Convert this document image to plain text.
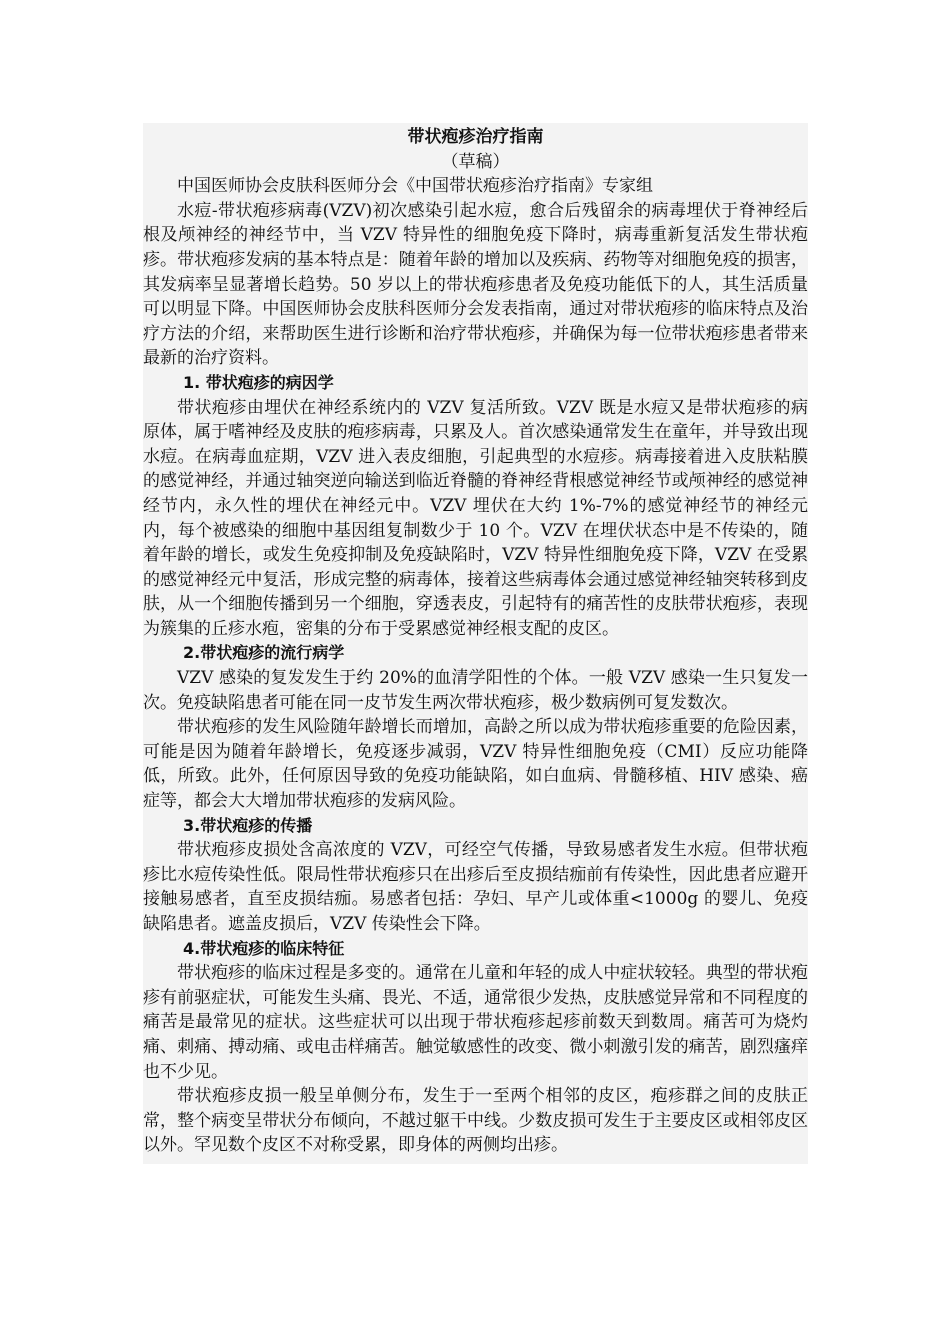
带状疱疹治疗指南

（草稿）

中国医师协会皮肤科医师分会《中国带状疱疹治疗指南》专家组

水痘-带状疱疹病毒(VZV)初次感染引起水痘，愈合后残留余的病毒埋伏于脊神经后根及颅神经的神经节中，当 VZV 特异性的细胞免疫下降时，病毒重新复活发生带状疱疹。带状疱疹发病的基本特点是：随着年龄的增加以及疾病、药物等对细胞免疫的损害，其发病率呈显著增长趋势。50 岁以上的带状疱疹患者及免疫功能低下的人，其生活质量可以明显下降。中国医师协会皮肤科医师分会发表指南，通过对带状疱疹的临床特点及治疗方法的介绍，来帮助医生进行诊断和治疗带状疱疹，并确保为每一位带状疱疹患者带来最新的治疗资料。

1. 带状疱疹的病因学

带状疱疹由埋伏在神经系统内的 VZV 复活所致。VZV 既是水痘又是带状疱疹的病原体，属于嗜神经及皮肤的疱疹病毒，只累及人。首次感染通常发生在童年，并导致出现水痘。在病毒血症期，VZV 进入表皮细胞，引起典型的水痘疹。病毒接着进入皮肤粘膜的感觉神经，并通过轴突逆向输送到临近脊髓的脊神经背根感觉神经节或颅神经的感觉神经节内，永久性的埋伏在神经元中。VZV 埋伏在大约 1%-7%的感觉神经节的神经元内，每个被感染的细胞中基因组复制数少于 10 个。VZV 在埋伏状态中是不传染的，随着年龄的增长，或发生免疫抑制及免疫缺陷时，VZV 特异性细胞免疫下降，VZV 在受累的感觉神经元中复活，形成完整的病毒体，接着这些病毒体会通过感觉神经轴突转移到皮肤，从一个细胞传播到另一个细胞，穿透表皮，引起特有的痛苦性的皮肤带状疱疹，表现为簇集的丘疹水疱，密集的分布于受累感觉神经根支配的皮区。

2.带状疱疹的流行病学

VZV 感染的复发发生于约 20%的血清学阳性的个体。一般 VZV 感染一生只复发一次。免疫缺陷患者可能在同一皮节发生两次带状疱疹，极少数病例可复发数次。

带状疱疹的发生风险随年龄增长而增加，高龄之所以成为带状疱疹重要的危险因素，可能是因为随着年龄增长，免疫逐步减弱，VZV 特异性细胞免疫（CMI）反应功能降低，所致。此外，任何原因导致的免疫功能缺陷，如白血病、骨髓移植、HIV 感染、癌症等，都会大大增加带状疱疹的发病风险。

3.带状疱疹的传播

带状疱疹皮损处含高浓度的 VZV，可经空气传播，导致易感者发生水痘。但带状疱疹比水痘传染性低。限局性带状疱疹只在出疹后至皮损结痂前有传染性，因此患者应避开接触易感者，直至皮损结痂。易感者包括：孕妇、早产儿或体重<1000g 的婴儿、免疫缺陷患者。遮盖皮损后，VZV 传染性会下降。

4.带状疱疹的临床特征

带状疱疹的临床过程是多变的。通常在儿童和年轻的成人中症状较轻。典型的带状疱疹有前驱症状，可能发生头痛、畏光、不适，通常很少发热，皮肤感觉异常和不同程度的痛苦是最常见的症状。这些症状可以出现于带状疱疹起疹前数天到数周。痛苦可为烧灼痛、刺痛、搏动痛、或电击样痛苦。触觉敏感性的改变、微小刺激引发的痛苦，剧烈瘙痒也不少见。

带状疱疹皮损一般呈单侧分布，发生于一至两个相邻的皮区，疱疹群之间的皮肤正常，整个病变呈带状分布倾向，不越过躯干中线。少数皮损可发生于主要皮区或相邻皮区以外。罕见数个皮区不对称受累，即身体的两侧均出疹。
